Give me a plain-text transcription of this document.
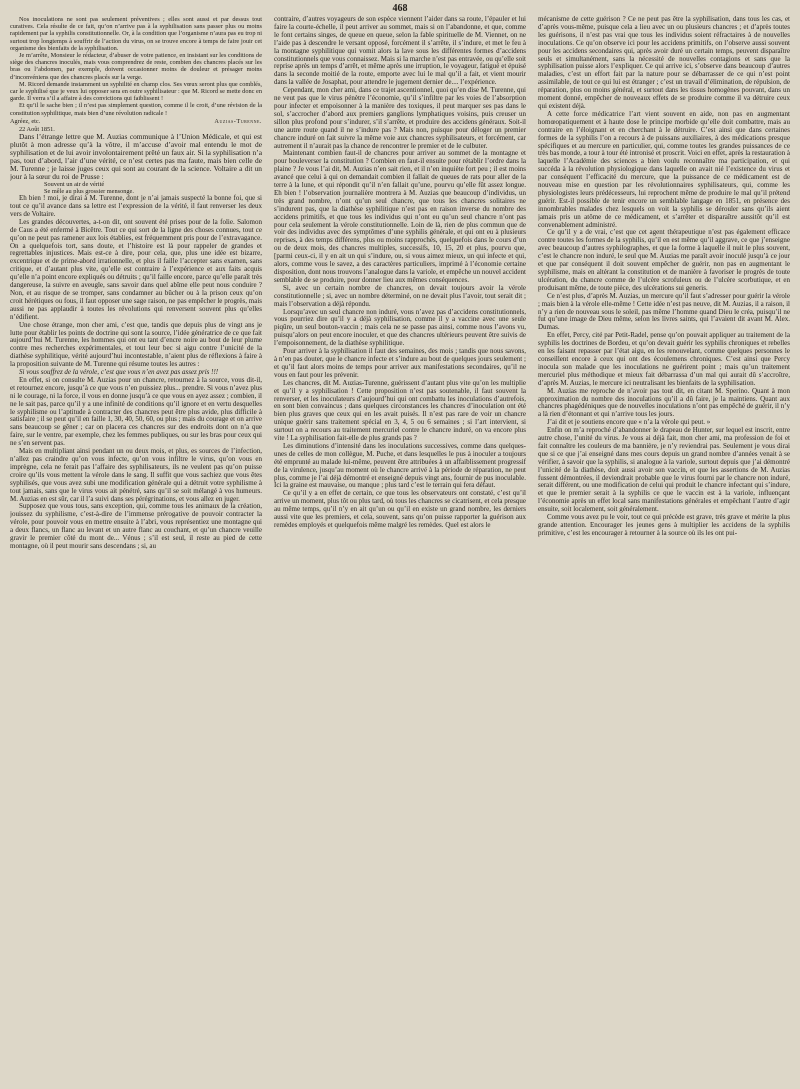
468

Nos inoculations ne sont pas seulement préventives ; elles sont aussi et par dessus tout curatives. Cela résulte de ce fait, qu’on n’arrive pas à la syphilisation sans passer plus ou moins rapidement par la syphilis constitutionnelle. Or, à la condition que l’organisme n’aura pas eu trop ni surtout trop longtemps à souffrir de l’action du virus, on se trouve encore à temps de faire jouir cet organisme des bienfaits de la syphilisation.

Je m’arrête, Monsieur le rédacteur, d’abuser de votre patience, en insistant sur les conditions de siège des chancres inoculés, mais vous comprendrez de reste, combien des chancres placés sur les bras ou l’abdomen, par exemple, doivent occasionner moins de douleur et présager moins d’inconvéniens que des chancres placés sur la verge.

M. Ricord demande instamment un syphilité en champ clos. Ses vœux seront plus que comblés, car le syphilisé que je veux lui opposer sera en outre syphilisateur : que M. Ricord se mette donc en garde. Il verra s’il a affaire à des convictions qui faiblissent !

Et qu’il le sache bien ; il n’est pas simplement question, comme il le croit, d’une révision de la constitution syphilitique, mais bien d’une révolution radicale !

Agréez, etc.	Auzias-Turenne.

22 Août 1851.

Dans l’étrange lettre que M. Auzias communique à l’Union Médicale, et qui est plutôt à mon adresse qu’à la vôtre, il m’accuse d’avoir mal entendu le mot de syphilisation et de lui avoir involontairement prêté un faux air. Si la syphilisation n’a pas, tout d’abord, l’air d’une vérité, ce n’est certes pas ma faute, mais bien celle de M. Turenne ; je laisse juges ceux qui sont au courant de la science. Voltaire a dit un jour à la sœur du roi de Prusse :

Souvent un air de vérité

Se mêle au plus grossier mensonge.

Eh bien ! moi, je dirai à M. Turenne, dont je n’ai jamais suspecté la bonne foi, que si tout ce qu’il avance dans sa lettre est l’expression de la vérité, il faut renverser les deux vers de Voltaire.

Les grandes découvertes, a-t-on dit, ont souvent été prises pour de la folie. Salomon de Caus a été enfermé à Bicêtre. Tout ce qui sort de la ligne des choses connues, tout ce qu’on ne peut pas ramener aux lois établies, est fréquemment pris pour de l’extravagance. On a quelquefois tort, sans doute, et l’histoire est là pour rappeler de grandes et regrettables injustices. Mais est-ce à dire, pour cela, que, plus une idée est bizarre, excentrique et de prime-abord irrationnelle, et plus il faille l’accepter sans examen, sans critique, et d’autant plus vite, qu’elle est contraire à l’expérience et aux faits acquis qu’elle n’a point encore expliqués ou détruits ; qu’il faille encore, parce qu’elle paraît très dangereuse, la suivre en aveugle, sans savoir dans quel abîme elle peut nous conduire ? Non, et au risque de se tromper, sans condamner au bûcher ou à la prison ceux qu’on croit hérétiques ou fous, il faut opposer une sage raison, ne pas empêcher le progrès, mais aussi ne pas applaudir à toutes les révolutions qui renversent souvent plus qu’elles n’édifient.

Une chose étrange, mon cher ami, c’est que, tandis que depuis plus de vingt ans je lutte pour établir les points de doctrine qui sont la source, l’idée génératrice de ce que fait aujourd’hui M. Turenne, les hommes qui ont eu tant d’encre noire au bout de leur plume contre mes recherches expérimentales, et tout leur bec si aigu contre l’unicité de la diathèse syphilitique, vérité aujourd’hui incontestable, n’aient plus de réflexions à faire à la proposition suivante de M. Turenne qui résume toutes les autres :

Si vous souffrez de la vérole, c’est que vous n’en avez pas assez pris !!!

En effet, si on consulte M. Auzias pour un chancre, retournez à la source, vous dit-il, et retournez encore, jusqu’à ce que vous n’en puissiez plus... prendre. Si vous n’avez plus ni le courage, ni la force, il vous en donne jusqu’à ce que vous en ayez assez ; combien, il ne le sait pas, parce qu’il y a une infinité de conditions qu’il ignore et en vertu desquelles le syphilisme ou l’aptitude à contracter des chancres peut être plus avide, plus difficile à satisfaire ; il se peut qu’il en faille 1, 30, 40, 50, 60, ou plus ; mais du courage et on arrive sans beaucoup se gêner ; car on placera ces chancres sur des endroits dont on n’a que faire, sur le ventre, par exemple, chez les femmes publiques, ou sur les bras pour ceux qui ne s’en servent pas.

Mais en multipliant ainsi pendant un ou deux mois, et plus, es sources de l’infection, n’allez pas craindre qu’on vous infecte, qu’on vous infiltre le virus, qu’on vous en imprègne, cela ne ferait pas l’affaire des syphilisateurs, ils ne veulent pas qu’on puisse croire qu’ils vous mettent la vérole dans le sang. Il suffit que vous sachiez que vous êtes syphilisés, que vous avez subi une modification générale qui a détruit votre syphilisme à tout jamais, sans que le virus vous ait pénétré, sans qu’il se soit mélangé à vos humeurs. M. Auzias en est sûr, car il l’a suivi dans ses pérégrinations, et vous allez en juger.

Supposez que vous tous, sans exception, qui, comme tous les animaux de la création, jouissez du syphilisme, c’est-à-dire de l’immense prérogative de pouvoir contracter la vérole, pour pouvoir vous en mettre ensuite à l’abri, vous représentiez une montagne qui a deux flancs, un flanc au levant et un autre flanc au couchant, et qu’un chancre veuille gravir le premier côté du mont de... Vénus ; s’il est seul, il reste au pied de cette montagne, où il peut mourir sans descendans ; si, au

contraire, d’autres voyageurs de son espèce viennent l’aider dans sa route, l’épauler et lui faire la courte-échelle, il peut arriver au sommet, mais si on l’abandonne, et que, comme le font certains singes, de queue en queue, selon la fable spirituelle de M. Viennet, on ne l’aide pas à descendre le versant opposé, forcément il s’arrête, il s’indure, et met le feu à la montagne syphilitique qui vomit alors la lave sous les différentes formes d’accidens constitutionnels que vous connaissez. Mais si la marche n’est pas entravée, ou qu’elle soit reprise après un temps d’arrêt, et même après une irruption, le voyageur, fatigué et épuisé dans la seconde moitié de la route, emporte avec lui le mal qu’il a fait, et vient mourir dans la vallée de Josaphat, pour attendre le jugement dernier de.... l’expérience.

Cependant, mon cher ami, dans ce trajet ascentionnel, quoi qu’en dise M. Turenne, qui ne veut pas que le virus pénètre l’économie, qu’il s’infiltre par les voies de l’absorption pour infecter et empoisonner à la manière des toxiques, il peut marquer ses pas dans le sol, s’accrocher d’abord aux premiers ganglions lymphatiques voisins, puis creuser un sillon plus profond pour s’indurer, s’il s’arrête, et produire des accidens généraux. Soit-il une autre route quand il ne s’indure pas ? Mais non, puisque pour déloger un premier chancre induré on fait suivre la même voie aux chancres syphilisateurs, et forcément, car autrement il n’aurait pas la chance de rencontrer le premier et de le culbuter.

Maintenant combien faut-il de chancres pour arriver au sommet de la montagne et pour bouleverser la constitution ? Combien en faut-il ensuite pour rétablir l’ordre dans la plaine ? Je vous l’ai dit, M. Auzias n’en sait rien, et il n’en inquiète fort peu ; il est moins avancé que celui à qui on demandait combien il fallait de queues de rats pour aller de la terre à la lune, et qui répondit qu’il n’en fallait qu’une, pourvu qu’elle fût assez longue. Eh bien ! l’observation journalière montrera à M. Auzias que beaucoup d’individus, un très grand nombre, n’ont qu’un seul chancre, que tous les chancres solitaires ne s’indurent pas, que la diathèse syphilitique n’est pas en raison inverse du nombre des accidens primitifs, et que tous les individus qui n’ont eu qu’un seul chancre n’ont pas pour cela seulement la vérole constitutionnelle. Loin de là, rien de plus commun que de voir des individus avec des symptômes d’une syphilis générale, et qui ont eu à plusieurs reprises, à des temps différens, plus ou moins rapprochés, quelquefois dans le cours d’un ou de deux mois, des chancres multiples, successifs, 10, 15, 20 et plus, pourvu que, [parmi ceux-ci, il y en ait un qui s’indure, ou, si vous aimez mieux, un qui infecte et qui, alors, comme vous le savez, a des caractères particuliers, imprimé à l’économie certaine disposition, dont nous trouvons l’analogue dans la variole, et empêche un nouvel accident semblable de se produire, pour donner lieu aux mêmes conséquences.

Si, avec un certain nombre de chancres, on devait toujours avoir la vérole constitutionnelle ; si, avec un nombre déterminé, on ne devait plus l’avoir, tout serait dit ; mais l’observation a déjà répondu.

Lorsqu’avec un seul chancre non induré, vous n’avez pas d’accidens constitutionnels, vous pourriez dire qu’il y a déjà syphilisation, comme il y a vaccine avec une seule piqûre, un seul bouton-vaccin ; mais cela ne se passe pas ainsi, comme nous l’avons vu, puisqu’alors on peut encore inoculer, et que des chancres ultérieurs peuvent être suivis de l’empoisonnement, de la diathèse syphilitique.

Pour arriver à la syphilisation il faut des semaines, des mois ; tandis que nous savons, à n’en pas douter, que le chancre infecte et s’indure au bout de quelques jours seulement ; et qu’il faut alors moins de temps pour arriver aux manifestations secondaires, qu’il ne vous en faut pour les prévenir.

Les chancres, dit M. Auzias-Turenne, guérissent d’autant plus vite qu’on les multiplie et qu’il y a syphilisation ! Cette proposition n’est pas soutenable, il faut souvent la renverser, et les inoculateurs d’aujourd’hui qui ont combattu les inoculations d’autrefois, en sont bien convaincus ; dans quelques circonstances les chancres d’inoculation ont été bien plus graves que ceux qui en les avait puisés. Il n’est pas rare de voir un chancre unique guérir sans traitement spécial en 3, 4, 5 ou 6 semaines ; si l’art intervient, si surtout on a recours au traitement mercuriel contre le chancre induré, on va encore plus vite ! La syphilisation fait-elle de plus grands pas ?

Les diminutions d’intensité dans les inoculations successives, comme dans quelques-unes de celles de mon collègue, M. Puche, et dans lesquelles le pus à inoculer a toujours été emprunté au malade lui-même, peuvent être attribuées à un affaiblissement progressif de la virulence, jusqu’au moment où le chancre arrivé à la période de réparation, ne peut plus, comme je l’ai déjà démontré et enseigné depuis vingt ans, fournir de pus inoculable. Ici la graine est mauvaise, ou manque ; plus tard c’est le terrain qui fera défaut.

Ce qu’il y a en effet de certain, ce que tous les observateurs ont constaté, c’est qu’il arrive un moment, plus tôt ou plus tard, où tous les chancres se cicatrisent, et cela presque au même temps, qu’il n’y en ait qu’un ou qu’il en existe un grand nombre, les derniers aussi vite que les premiers, et cela, souvent, sans qu’on puisse rapporter la guérison aux remèdes employés et quelquefois même malgré les remèdes. Quel est alors le

mécanisme de cette guérison ? Ce ne peut pas être la syphilisation, dans tous les cas, et d’après vous-même, puisque cela a lieu avec un ou plusieurs chancres ; et d’après toutes les guérisons, il n’est pas vrai que tous les individus soient réfractaires à de nouvelles inoculations. Ce qu’on observe ici pour les accidens primitifs, on l’observe aussi souvent pour les accidens secondaires qui, après avoir duré un certain temps, peuvent disparaître seuls et simultanément, sans la nécessité de nouvelles contagions et sans que la syphilisation puisse alors l’expliquer. Ce qui arrive ici, s’observe dans beaucoup d’autres maladies, c’est un effort fait par la nature pour se débarrasser de ce qui n’est point assimilable, de tout ce qui lui est étranger ; c’est un travail d’élimination, de répulsion, de réparation, plus ou moins général, et surtout dans les tissus homogènes pouvant, dans un moment donné, empêcher de nouveaux effets de se produire comme il va détruire ceux qui existent déjà.

A cette force médicatrice l’art vient souvent en aide, non pas en augmentant homœopatiquement et à haute dose le principe morbide qu’elle doit combattre, mais au contraire en l’éloignant et en cherchant à le détruire. C’est ainsi que dans certaines formes de la syphilis l’on a recours à de puissans auxiliaires, à des médications presque spécifiques et au mercure en particulier, qui, comme toutes les grandes puissances de ce très bas monde, a tour à tour été intronisé et proscrit. Voici en effet, après la restauration à laquelle l’Académie des sciences a bien voulu reconnaître ma participation, et qui succéda à la révolution physiologique dans laquelle on avait nié l’existence du virus et par conséquent l’efficacité du mercure, que la puissance de ce médicament est de nouveau mise en question par les révolutionnaires syphilisateurs, qui, comme les physiologistes leurs prédécesseurs, lui reprochent même de produire le mal qu’il prétend guérir. Est-il possible de tenir encore un semblable langage en 1851, en présence des innombrables malades chez lesquels on voit la syphilis se dérouler sans qu’ils aient jamais pris un atôme de ce médicament, et s’arrêter et disparaître aussitôt qu’il est convenablement administré.

Ce qu’il y a de vrai, c’est que cet agent thérapeutique n’est pas également efficace contre toutes les formes de la syphilis, qu’il en est même qu’il aggrave, ce que j’enseigne avec beaucoup d’autres syphilographes, et que la forme à laquelle il nuit le plus souvent, c’est le chancre non induré, le seul que M. Auzias me paraît avoir inoculé jusqu’à ce jour et que par conséquent il doit souvent empêcher de guérir, non pas en augmentant le syphilisme, mais en altérant la constitution et de manière à favoriser le progrès de toute ulcération, du chancre comme de l’ulcère scrofuleux ou de l’ulcère scorbutique, et en produisant même, de toute pièce, des ulcérations sui generis.

Ce n’est plus, d’après M. Auzias, un mercure qu’il faut s’adresser pour guérir la vérole ; mais bien à la vérole elle-même ! Cette idée n’est pas neuve, dit M. Auzias, il a raison, il n’y a rien de nouveau sous le soleil, pas même l’homme quand Dieu le créa, puisqu’il ne fut qu’une image de Dieu même, selon les livres saints, qui l’avaient dit avant M. Alex. Dumas.

En effet, Percy, cité par Petit-Radel, pense qu’on pouvait appliquer au traitement de la syphilis les doctrines de Bordeu, et qu’on devait guérir les syphilis chroniques et rebelles en les faisant repasser par l’état aigu, en les renouvelant, comme quelques personnes le conseillent encore à ceux qui ont des écoulemens chroniques. C’est ainsi que Percy inocula son malade que les inoculations ne guérirent point ; mais qu’un traitement mercuriel plus méthodique et mieux fait débarrassa d’un mal qui aurait dû s’accroître, d’après M. Auzias, le mercure ici neutralisant les bienfaits de la syphilisation.

M. Auzias me reproche de n’avoir pas tout dit, en citant M. Sperino. Quant à mon approximation du nombre des inoculations qu’il a dû faire, je la maintiens. Quant aux chancres phagédéniques que de nouvelles inoculations n’ont pas empêché de guérir, il n’y a là rien d’étonnant et qui n’arrive tous les jours.

J’ai dit et je soutiens encore que « n’a la vérole qui peut. »

Enfin on m’a reproché d’abandonner le drapeau de Hunter, sur lequel est inscrit, entre autre chose, l’unité du virus. Je vous ai déjà fait, mon cher ami, ma profession de foi et fait connaître les couleurs de ma bannière, je n’y reviendrai pas. Seulement je vous dirai que si ce que j’ai enseigné dans mes cours depuis un grand nombre d’années venait à se vérifier, à savoir que la syphilis, si analogue à la variole, surtout depuis que j’ai démontré l’unicité de la diathèse, doit aussi avoir son vaccin, et que les assertions de M. Auzias fussent démontrées, il deviendrait probable que le virus fourni par le chancre non induré, serait différent, ou une modification de celui qui produit le chancre infectant qui s’indure, et que le premier serait à la syphilis ce que le vaccin est à la variole, influençant l’économie après un effet local sans manifestations générales et empêchant l’autre d’agir ensuite, soit localement, soit généralement.

Comme vous avez pu le voir, tout ce qui précède est grave, très grave et mérite la plus grande attention. Encourager les jeunes gens à multiplier les accidens de la syphilis primitive, c’est les encourager à retourner à la source où ils les ont pui-
